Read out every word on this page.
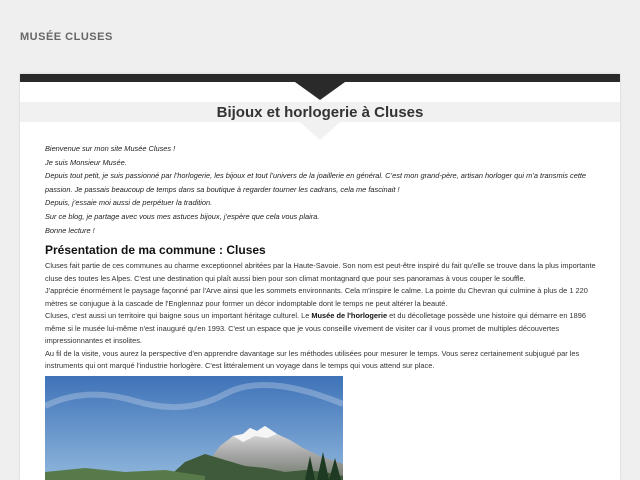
MUSÉE CLUSES
Bijoux et horlogerie à Cluses

Bienvenue sur mon site Musée Cluses !

Je suis Monsieur Musée.

Depuis tout petit, je suis passionné par l’horlogerie, les bijoux et tout l’univers de la joaillerie en général. C’est mon grand-père, artisan horloger qui m’a transmis cette passion. Je passais beaucoup de temps dans sa boutique à regarder tourner les cadrans, cela me fascinait !

Depuis, j’essaie moi aussi de perpétuer la tradition.

Sur ce blog, je partage avec vous mes astuces bijoux, j’espère que cela vous plaira.

Bonne lecture !

Présentation de ma commune : Cluses

Cluses fait partie de ces communes au charme exceptionnel abritées par la Haute-Savoie. Son nom est peut-être inspiré du fait qu'elle se trouve dans la plus importante cluse des toutes les Alpes. C'est une destination qui plaît aussi bien pour son climat montagnard que pour ses panoramas à vous couper le souffle.

J'apprécie énormément le paysage façonné par l'Arve ainsi que les sommets environnants. Cela m'inspire le calme. La pointe du Chevran qui culmine à plus de 1 220 mètres se conjugue à la cascade de l'Englennaz pour former un décor indomptable dont le temps ne peut altérer la beauté.

Cluses, c'est aussi un territoire qui baigne sous un important héritage culturel. Le Musée de l'horlogerie et du décolletage possède une histoire qui démarre en 1896 même si le musée lui-même n'est inauguré qu'en 1993. C'est un espace que je vous conseille vivement de visiter car il vous promet de multiples découvertes impressionnantes et insolites.

Au fil de la visite, vous aurez la perspective d'en apprendre davantage sur les méthodes utilisées pour mesurer le temps. Vous serez certainement subjugué par les instruments qui ont marqué l'industrie horlogère. C'est littéralement un voyage dans le temps qui vous attend sur place.
